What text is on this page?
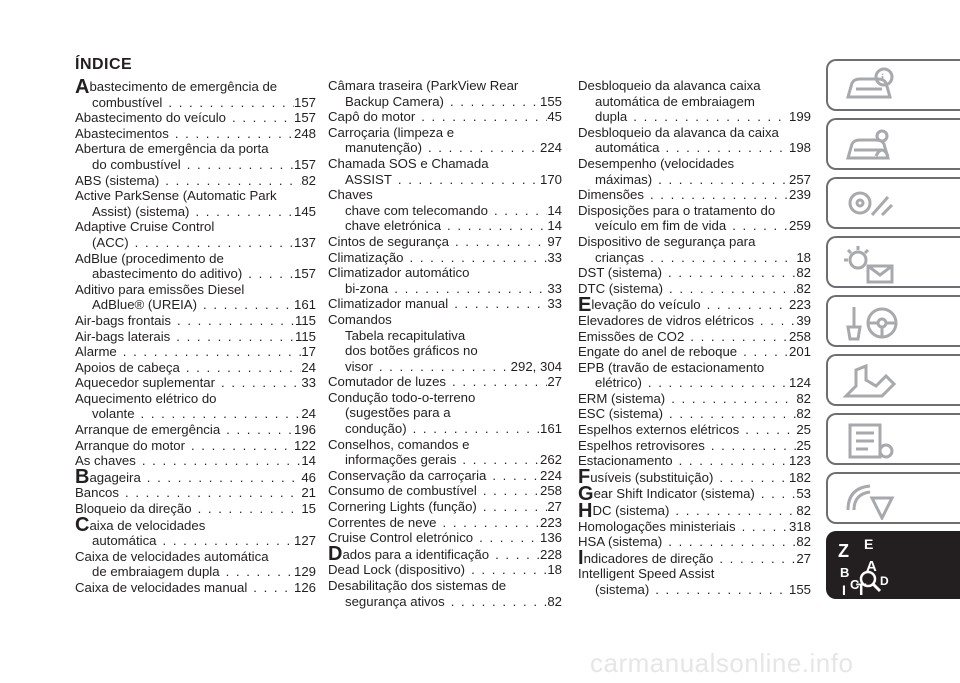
ÍNDICE
A bastecimento de emergência de
combustível . . .	157
Abastecimento do veículo . . .	157
Abastecimentos . . .	248
Abertura de emergência da porta
do combustível . . .	157
ABS (sistema) . . .	82
Active ParkSense (Automatic Park
Assist) (sistema) . . .	145
Adaptive Cruise Control
(ACC) . . .	137
AdBlue (procedimento de
abastecimento do aditivo) . . .	157
Aditivo para emissões Diesel
AdBlue® (UREIA) . . .	161
Air-bags frontais . . .	115
Air-bags laterais . . .	115
Alarme . . .	17
Apoios de cabeça . . .	24
Aquecedor suplementar . . .	33
Aquecimento elétrico do
volante . . .	24
Arranque de emergência . . .	196
Arranque do motor . . .	122
As chaves . . .	14
B agageira . . .	46
Bancos . . .	21
Bloqueio da direção . . .	15
C aixa de velocidades
automática . . .	127
Caixa de velocidades automática
de embraiagem dupla . . .	129
Caixa de velocidades manual . . .	126
Câmara traseira (ParkView Rear
Backup Camera) . . .	155
Capô do motor . . .	45
Carroçaria (limpeza e
manutenção) . . .	224
Chamada SOS e Chamada
ASSIST . . .	170
Chaves
chave com telecomando . . .	14
chave eletrónica . . .	14
Cintos de segurança . . .	97
Climatização . . .	33
Climatizador automático
bi-zona . . .	33
Climatizador manual . . .	33
Comandos
Tabela recapitulativa
dos botões gráficos no
visor . . .	292, 304
Comutador de luzes . . .	27
Condução todo-o-terreno
(sugestões para a
condução) . . .	161
Conselhos, comandos e
informações gerais . . .	262
Conservação da carroçaria . . .	224
Consumo de combustível . . .	258
Cornering Lights (função) . . .	27
Correntes de neve . . .	223
Cruise Control eletrónico . . .	136
D ados para a identificação . . .	228
Dead Lock (dispositivo) . . .	18
Desabilitação dos sistemas de
segurança ativos . . .	82
Desbloqueio da alavanca caixa
automática de embraiagem
dupla . . .	199
Desbloqueio da alavanca da caixa
automática . . .	198
Desempenho (velocidades
máximas) . . .	257
Dimensões . . .	239
Disposições para o tratamento do
veículo em fim de vida . . .	259
Dispositivo de segurança para
crianças . . .	18
DST (sistema) . . .	82
DTC (sistema) . . .	82
E levação do veículo . . .	223
Elevadores de vidros elétricos . . .	39
Emissões de CO2 . . .	258
Engate do anel de reboque . . .	201
EPB (travão de estacionamento
elétrico) . . .	124
ERM (sistema) . . .	82
ESC (sistema) . . .	82
Espelhos externos elétricos . . .	25
Espelhos retrovisores . . .	25
Estacionamento . . .	123
F usíveis (substituição) . . .	182
G ear Shift Indicator (sistema) . . .	53
H DC (sistema) . . .	82
Homologações ministeriais . . .	318
HSA (sistema) . . .	82
I ndicadores de direção . . .	27
Intelligent Speed Assist
(sistema) . . .	155
i
Z E
B A
I C
T D
carmanualsonline.info
